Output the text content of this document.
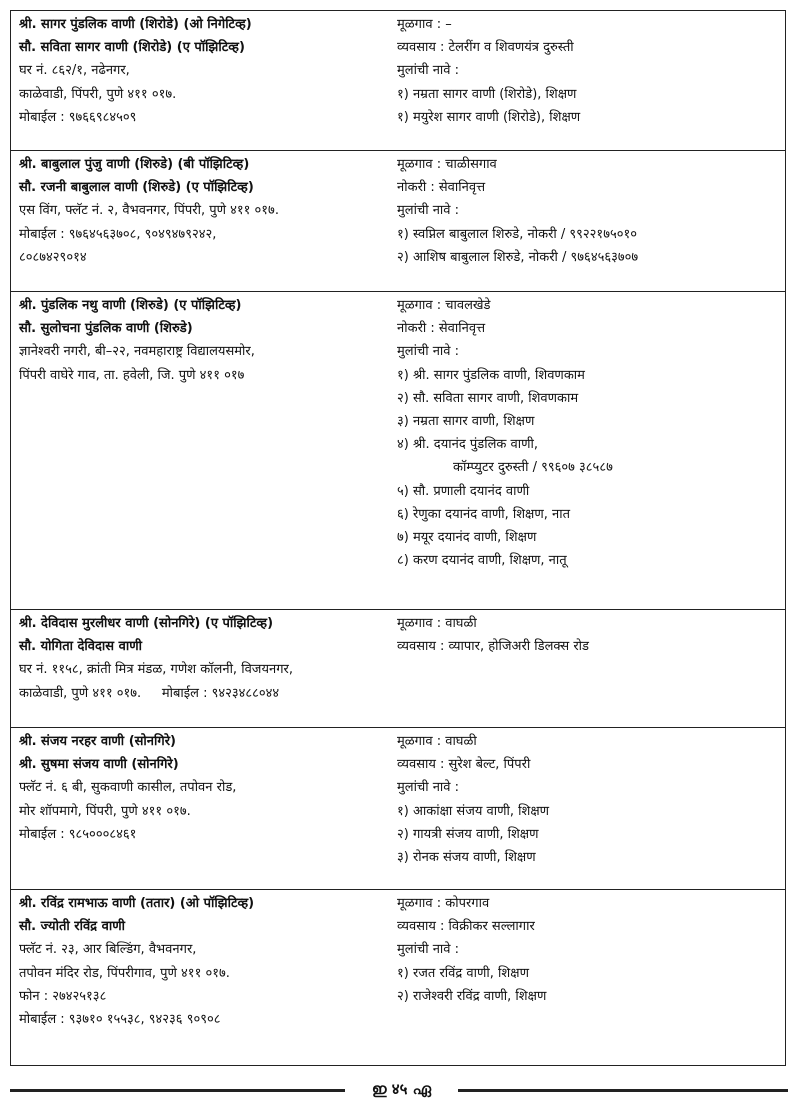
श्री. सागर पुंडलिक वाणी (शिरोडे) (ओ निगेटिव्ह)
सौ. सविता सागर वाणी (शिरोडे) (ए पॉझिटिव्ह)
घर नं. ८६२/१, नढेनगर,
काळेवाडी, पिंपरी, पुणे ४११ ०१७.
मोबाईल : ९७६६९८४५०९
मूळगाव : –
व्यवसाय : टेलरींग व शिवणयंत्र दुरुस्ती
मुलांची नावे :
१) नम्रता सागर वाणी (शिरोडे), शिक्षण
१) मयुरेश सागर वाणी (शिरोडे), शिक्षण
श्री. बाबुलाल पुंजु वाणी (शिरुडे) (बी पॉझिटिव्ह)
सौ. रजनी बाबुलाल वाणी (शिरुडे) (ए पॉझिटिव्ह)
एस विंग, फ्लॅट नं. २, वैभवनगर, पिंपरी, पुणे ४११ ०१७.
मोबाईल : ९७६४५६३७०८, ९०४९४७९२४२,
८०८७४२९०१४
मूळगाव : चाळीसगाव
नोकरी : सेवानिवृत्त
मुलांची नावे :
१) स्वप्निल बाबुलाल शिरुडे, नोकरी / ९९२२१७५०१०
२) आशिष बाबुलाल शिरुडे, नोकरी / ९७६४५६३७०७
श्री. पुंडलिक नथु वाणी (शिरुडे) (ए पॉझिटिव्ह)
सौ. सुलोचना पुंडलिक वाणी (शिरुडे)
ज्ञानेश्वरी नगरी, बी–२२, नवमहाराष्ट्र विद्यालयसमोर,
पिंपरी वाघेरे गाव, ता. हवेली, जि. पुणे ४११ ०१७
मूळगाव : चावलखेडे
नोकरी : सेवानिवृत्त
मुलांची नावे :
१) श्री. सागर पुंडलिक वाणी, शिवणकाम
२) सौ. सविता सागर वाणी, शिवणकाम
३) नम्रता सागर वाणी, शिक्षण
४) श्री. दयानंद पुंडलिक वाणी,
कॉम्प्युटर दुरुस्ती / ९९६०७ ३८५८७
५) सौ. प्रणाली दयानंद वाणी
६) रेणुका दयानंद वाणी, शिक्षण, नात
७) मयूर दयानंद वाणी, शिक्षण
८) करण दयानंद वाणी, शिक्षण, नातू
श्री. देविदास मुरलीधर वाणी (सोनगिरे) (ए पॉझिटिव्ह)
सौ. योगिता देविदास वाणी
घर नं. ११५८, क्रांती मित्र मंडळ, गणेश कॉलनी, विजयनगर,
काळेवाडी, पुणे ४११ ०१७.     मोबाईल : ९४२३४८८०४४
मूळगाव : वाघळी
व्यवसाय : व्यापार, होजिअरी डिलक्स रोड
श्री. संजय नरहर वाणी (सोनगिरे)
श्री. सुषमा संजय वाणी (सोनगिरे)
फ्लॅट नं. ६ बी, सुकवाणी कासील, तपोवन रोड,
मोर शॉपमागे, पिंपरी, पुणे ४११ ०१७.
मोबाईल : ९८५०००८४६१
मूळगाव : वाघळी
व्यवसाय : सुरेश बेल्ट, पिंपरी
मुलांची नावे :
१) आकांक्षा संजय वाणी, शिक्षण
२) गायत्री संजय वाणी, शिक्षण
३) रोनक संजय वाणी, शिक्षण
श्री. रविंद्र रामभाऊ वाणी (ततार) (ओ पॉझिटिव्ह)
सौ. ज्योती रविंद्र वाणी
फ्लॅट नं. २३, आर बिल्डिंग, वैभवनगर,
तपोवन मंदिर रोड, पिंपरीगाव, पुणे ४११ ०१७.
फोन : २७४२५१३८
मोबाईल : ९३७१० १५५३८, ९४२३६ ९०९०८
मूळगाव : कोपरगाव
व्यवसाय : विक्रीकर सल्लागार
मुलांची नावे :
१) रजत रविंद्र वाणी, शिक्षण
२) राजेश्वरी रविंद्र वाणी, शिक्षण
ഇ ४५ ഏ
